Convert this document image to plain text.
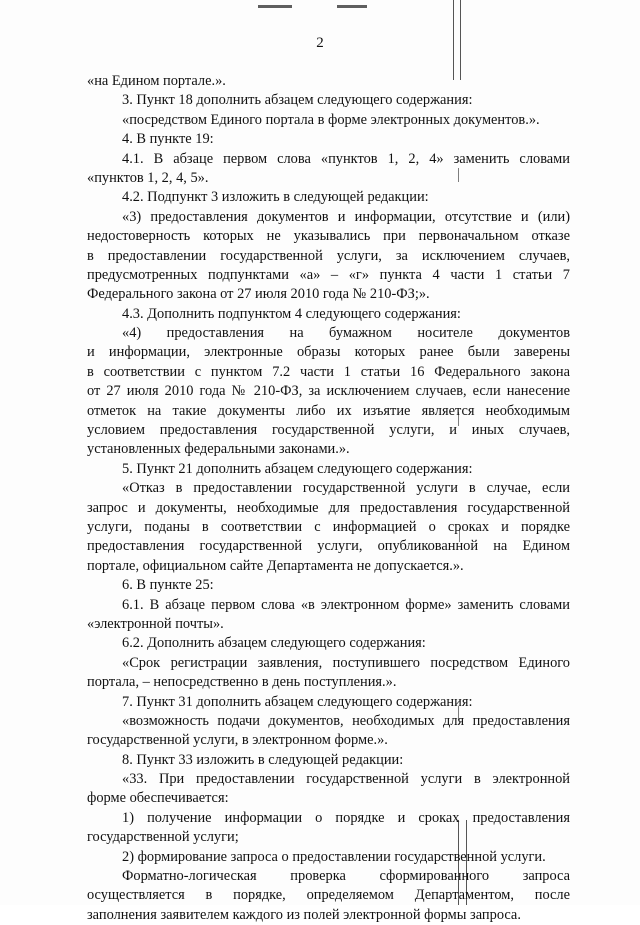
2
«на Едином портале.».
3. Пункт 18 дополнить абзацем следующего содержания:
«посредством Единого портала в форме электронных документов.».
4. В пункте 19:
4.1. В абзаце первом слова «пунктов 1, 2, 4» заменить словами
«пунктов 1, 2, 4, 5».
4.2. Подпункт 3 изложить в следующей редакции:
«3) предоставления документов и информации, отсутствие и (или)
недостоверность которых не указывались при первоначальном отказе
в предоставлении государственной услуги, за исключением случаев,
предусмотренных подпунктами «а» – «г» пункта 4 части 1 статьи 7
Федерального закона от 27 июля 2010 года № 210-ФЗ;».
4.3. Дополнить подпунктом 4 следующего содержания:
«4) предоставления на бумажном носителе документов
и информации, электронные образы которых ранее были заверены
в соответствии с пунктом 7.2 части 1 статьи 16 Федерального закона
от 27 июля 2010 года № 210-ФЗ, за исключением случаев, если нанесение
отметок на такие документы либо их изъятие является необходимым
условием предоставления государственной услуги, и иных случаев,
установленных федеральными законами.».
5. Пункт 21 дополнить абзацем следующего содержания:
«Отказ в предоставлении государственной услуги в случае, если
запрос и документы, необходимые для предоставления государственной
услуги, поданы в соответствии с информацией о сроках и порядке
предоставления государственной услуги, опубликованной на Едином
портале, официальном сайте Департамента не допускается.».
6. В пункте 25:
6.1. В абзаце первом слова «в электронном форме» заменить словами
«электронной почты».
6.2. Дополнить абзацем следующего содержания:
«Срок регистрации заявления, поступившего посредством Единого
портала, – непосредственно в день поступления.».
7. Пункт 31 дополнить абзацем следующего содержания:
«возможность подачи документов, необходимых для предоставления
государственной услуги, в электронном форме.».
8. Пункт 33 изложить в следующей редакции:
«33. При предоставлении государственной услуги в электронной
форме обеспечивается:
1) получение информации о порядке и сроках предоставления
государственной услуги;
2) формирование запроса о предоставлении государственной услуги.
Форматно-логическая проверка сформированного запроса
осуществляется в порядке, определяемом Департаментом, после
заполнения заявителем каждого из полей электронной формы запроса.
